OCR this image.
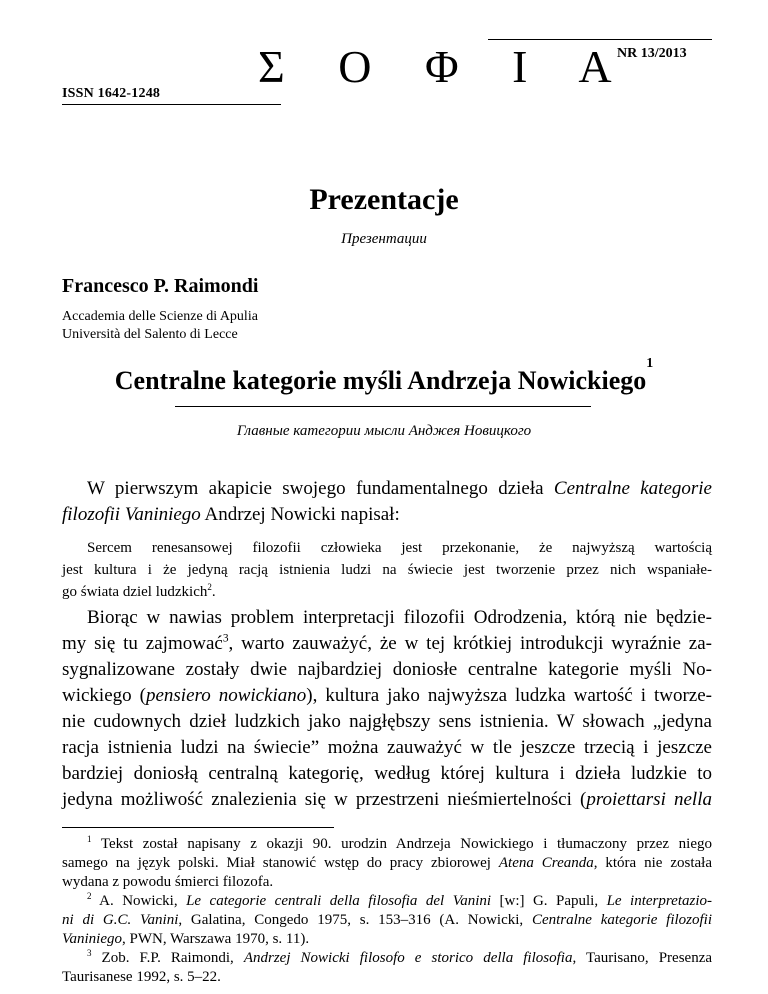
NR 13/2013
Σ Ο Φ Ι Α
ISSN 1642-1248
Prezentacje
Презентации
Francesco P. Raimondi
Accademia delle Scienze di Apulia
Università del Salento di Lecce
Centralne kategorie myśli Andrzeja Nowickiego$^1$
Главные категории мысли Анджея Новицкого
W pierwszym akapicie swojego fundamentalnego dzieła Centralne kategorie
filozofii Vaniniego Andrzej Nowicki napisał:
Sercem renesansowej filozofii człowieka jest przekonanie, że najwyższą wartością
jest kultura i że jedyną racją istnienia ludzi na świecie jest tworzenie przez nich wspaniałe-
go świata dziel ludzkich$^2$.
Biorąc w nawias problem interpretacji filozofii Odrodzenia, którą nie będzie-
my się tu zajmować$^3$, warto zauważyć, że w tej krótkiej introdukcji wyraźnie za-
sygnalizowane zostały dwie najbardziej doniosłe centralne kategorie myśli No-
wickiego (pensiero nowickiano), kultura jako najwyższa ludzka wartość i tworze-
nie cudownych dzieł ludzkich jako najgłębszy sens istnienia. W słowach „jedyna
racja istnienia ludzi na świecie” można zauważyć w tle jeszcze trzecią i jeszcze
bardziej doniosłą centralną kategorię, według której kultura i dzieła ludzkie to
jedyna możliwość znalezienia się w przestrzeni nieśmiertelności (proiettarsi nella
$^1$ Tekst został napisany z okazji 90. urodzin Andrzeja Nowickiego i tłumaczony przez niego
samego na język polski. Miał stanowić wstęp do pracy zbiorowej Atena Creanda, która nie została
wydana z powodu śmierci filozofa.
$^2$ A. Nowicki, Le categorie centrali della filosofia del Vanini [w:] G. Papuli, Le interpretazio-
ni di G.C. Vanini, Galatina, Congedo 1975, s. 153–316 (A. Nowicki, Centralne kategorie filozofii
Vaniniego, PWN, Warszawa 1970, s. 11).
$^3$ Zob. F.P. Raimondi, Andrzej Nowicki filosofo e storico della filosofia, Taurisano, Presenza
Taurisanese 1992, s. 5–22.
